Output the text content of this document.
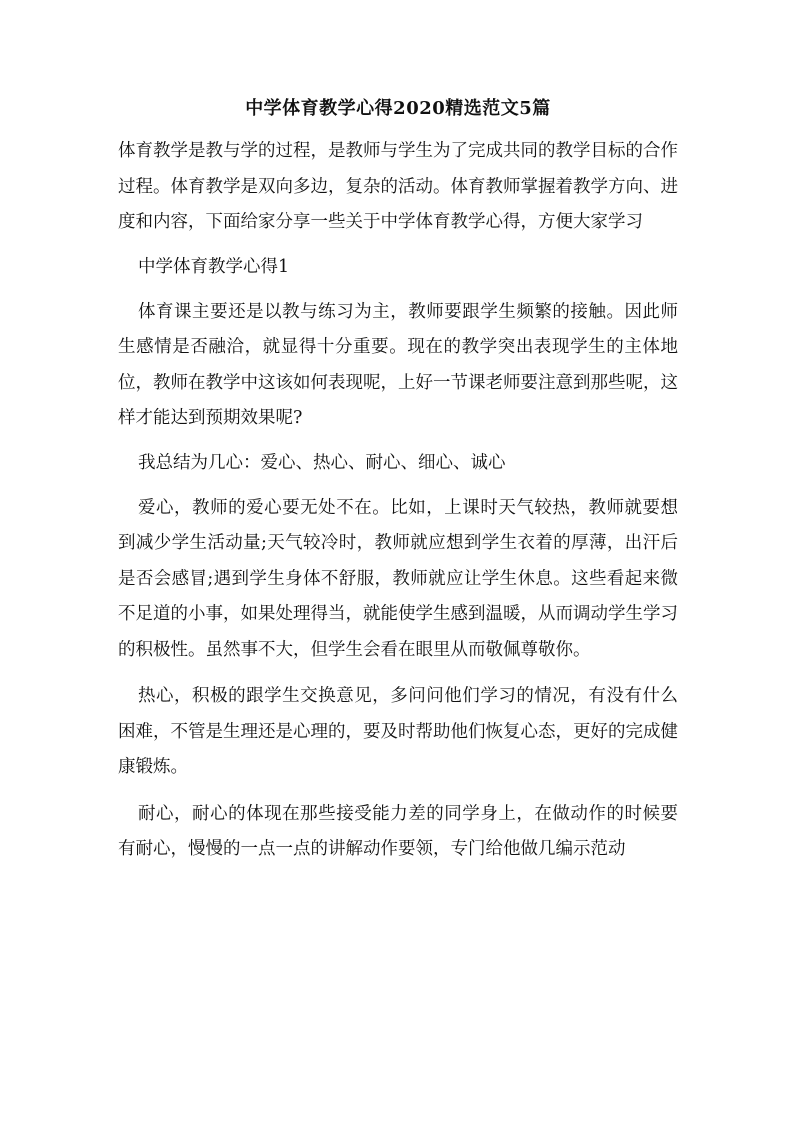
中学体育教学心得2020精选范文5篇
体育教学是教与学的过程，是教师与学生为了完成共同的教学目标的合作过程。体育教学是双向多边，复杂的活动。体育教师掌握着教学方向、进度和内容，下面给家分享一些关于中学体育教学心得，方便大家学习
中学体育教学心得1
体育课主要还是以教与练习为主，教师要跟学生频繁的接触。因此师生感情是否融洽，就显得十分重要。现在的教学突出表现学生的主体地位，教师在教学中这该如何表现呢，上好一节课老师要注意到那些呢，这样才能达到预期效果呢?
我总结为几心：爱心、热心、耐心、细心、诚心
爱心，教师的爱心要无处不在。比如，上课时天气较热，教师就要想到减少学生活动量;天气较冷时，教师就应想到学生衣着的厚薄，出汗后是否会感冒;遇到学生身体不舒服，教师就应让学生休息。这些看起来微不足道的小事，如果处理得当，就能使学生感到温暖，从而调动学生学习的积极性。虽然事不大，但学生会看在眼里从而敬佩尊敬你。
热心，积极的跟学生交换意见，多问问他们学习的情况，有没有什么困难，不管是生理还是心理的，要及时帮助他们恢复心态，更好的完成健康锻炼。
耐心，耐心的体现在那些接受能力差的同学身上，在做动作的时候要有耐心，慢慢的一点一点的讲解动作要领，专门给他做几编示范动
